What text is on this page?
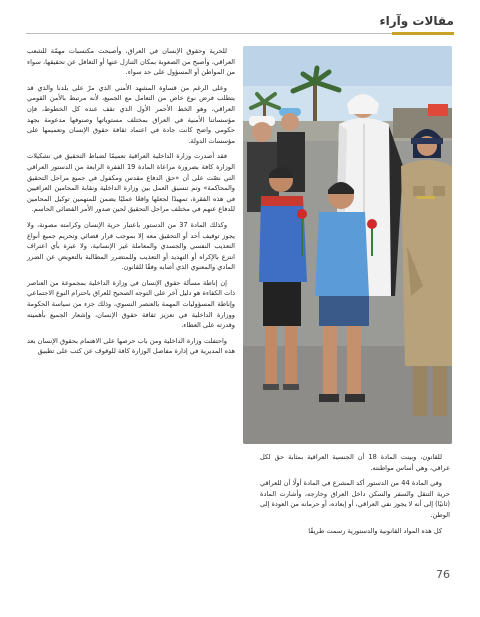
مقالات وآراء

للحرية وحقوق الإنسان في العراق، وأصبحت مكتسبات مهمّة للشعب العراقي، وأصبح من الصعوبة بمكان التنازل عنها أو التغافل عن تحقيقها، سواء من المواطن أو المسؤول على حد سواء.

وعلى الرغم من قساوة المشهد الأمني الذي مرّ على بلدنا والذي قد يتطلب فرض نوع خاص من التعامل مع الجميع، لأنه مرتبط بالأمن القومي العراقي، وهو الخط الأحمر الأول الذي تقف عنده كل الخطوط، فإن مؤسساتنا الأمنية في العراق بمختلف مستوياتها وصنوفها مدعومة بجهد حكومي واضح كانت جادة في اعتماد ثقافة حقوق الإنسان وتعميمها على مؤسسات الدولة.

فقد أصدرت وزارة الداخلية العراقية تعميمًا لضباط التحقيق في تشكيلات الوزارة كافة بضرورة مراعاة المادة 19 الفقرة الرابعة من الدستور العراقي التي نصّت على أن «حق الدفاع مقدس ومكفول في جميع مراحل التحقيق والمحاكمة» وتم تنسيق العمل بين وزارة الداخلية ونقابة المحامين العراقيين في هذه الفقرة، تمهيدًا لجعلها واقعًا عمليًا يضمن للمتهمين توكيل المحامين للدفاع عنهم في مختلف مراحل التحقيق لحين صدور الأمر القضائي الحاسم.

وكذلك المادة 37 من الدستور باعتبار حرية الإنسان وكرامته مصونة، ولا يجوز توقيف أحد أو التحقيق معه إلا بموجب قرار قضائي وتحريم جميع أنواع التعذيب النفسي والجسدي والمعاملة غير الإنسانية، ولا عبرة بأي اعتراف انتزع بالإكراه أو التهديد أو التعذيب وللمتضرر المطالبة بالتعويض عن الضرر المادي والمعنوي الذي أصابه وفقًا للقانون.

إن إناطة مسألة حقوق الإنسان في وزارة الداخلية بمجموعة من العناصر ذات الكفاءة هو دليل آخر على التوجه الصحيح للعراق باحترام النوع الاجتماعي وإناطة المسؤوليات المهمة بالعنصر النسوي، وذلك جزء من سياسة الحكومة ووزارة الداخلية في تعزيز ثقافة حقوق الإنسان، وإشعار الجميع بأهميته وقدرته على العطاء.

واحتفلت وزارة الداخلية ومن باب حرصها على الاهتمام بحقوق الإنسان بعد هذه المديرية في إدارة مفاصل الوزارة كافة للوقوف عن كثب على تطبيق

للقانون، وبينت المادة 18 أن الجنسية العراقية بمثابة حق لكل عراقي، وهي أساس مواطنته.

وفي المادة 44 من الدستور أكد المشرع في المادة أولًا أن للعراقي حرية التنقل والسفر والسكن داخل العراق وخارجه، وأشارت المادة (ثانيًا) إلى أنه لا يجوز نفي العراقي، أو إبعاده، أو حرمانه من العودة إلى الوطن.

كل هذه المواد القانونية والدستورية رسمت طريقًا

76
